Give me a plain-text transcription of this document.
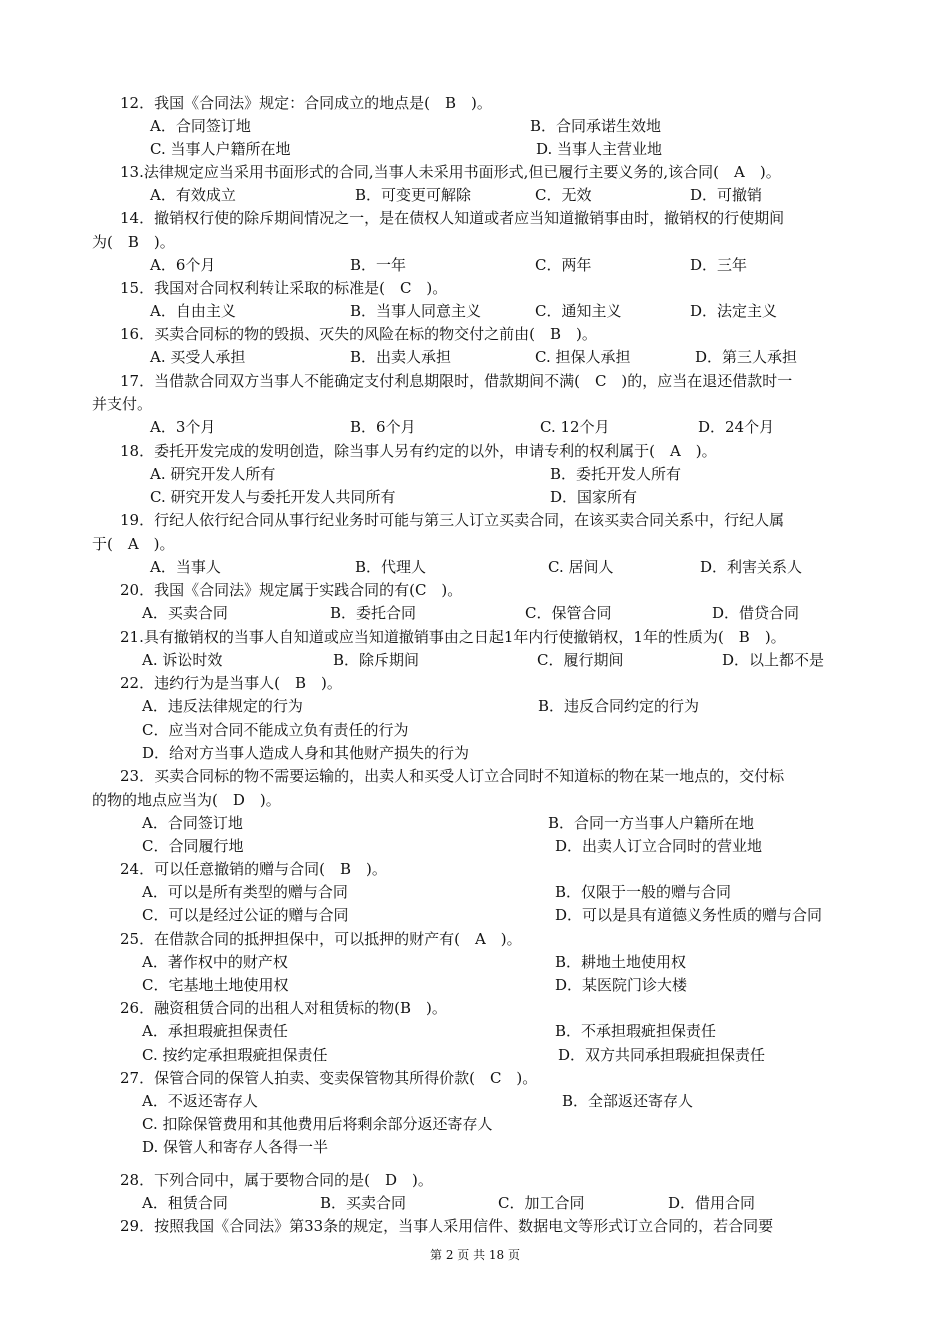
12．我国《合同法》规定：合同成立的地点是(　B　)。
A．合同签订地	B．合同承诺生效地
C. 当事人户籍所在地	D. 当事人主营业地
13.法律规定应当采用书面形式的合同,当事人未采用书面形式,但已履行主要义务的,该合同(　A　)。
A．有效成立	B．可变更可解除	C．无效	D．可撤销
14．撤销权行使的除斥期间情况之一，是在债权人知道或者应当知道撤销事由时，撤销权的行使期间
为(　B　)。
A．6个月	B．一年	C．两年	D．三年
15．我国对合同权利转让采取的标准是(　C　)。
A．自由主义	B．当事人同意主义	C．通知主义	D．法定主义
16．买卖合同标的物的毁损、灭失的风险在标的物交付之前由(　B　)。
A. 买受人承担	B．出卖人承担	C. 担保人承担	D．第三人承担
17．当借款合同双方当事人不能确定支付利息期限时，借款期间不满(　C　)的，应当在退还借款时一
并支付。
A．3个月	B．6个月	C. 12个月	D．24个月
18．委托开发完成的发明创造，除当事人另有约定的以外，申请专利的权利属于(　A　)。
A. 研究开发人所有	B．委托开发人所有
C. 研究开发人与委托开发人共同所有	D．国家所有
19．行纪人依行纪合同从事行纪业务时可能与第三人订立买卖合同，在该买卖合同关系中，行纪人属
于(　A　)。
A．当事人	B．代理人	C. 居间人	D．利害关系人
20．我国《合同法》规定属于实践合同的有(C　)。
A．买卖合同	B．委托合同	C．保管合同	D．借贷合同
21.具有撤销权的当事人自知道或应当知道撤销事由之日起1年内行使撤销权，1年的性质为(　B　)。
A. 诉讼时效	B．除斥期间	C．履行期间	D．以上都不是
22．违约行为是当事人(　B　)。
A．违反法律规定的行为	B．违反合同约定的行为
C．应当对合同不能成立负有责任的行为
D．给对方当事人造成人身和其他财产损失的行为
23．买卖合同标的物不需要运输的，出卖人和买受人订立合同时不知道标的物在某一地点的，交付标
的物的地点应当为(　D　)。
A．合同签订地	B．合同一方当事人户籍所在地
C．合同履行地	D．出卖人订立合同时的营业地
24．可以任意撤销的赠与合同(　B　)。
A．可以是所有类型的赠与合同	B．仅限于一般的赠与合同
C．可以是经过公证的赠与合同	D．可以是具有道德义务性质的赠与合同
25．在借款合同的抵押担保中，可以抵押的财产有(　A　)。
A．著作权中的财产权	B．耕地土地使用权
C．宅基地土地使用权	D．某医院门诊大楼
26．融资租赁合同的出租人对租赁标的物(B　)。
A．承担瑕疵担保责任	B．不承担瑕疵担保责任
C. 按约定承担瑕疵担保责任	D．双方共同承担瑕疵担保责任
27．保管合同的保管人拍卖、变卖保管物其所得价款(　C　)。
A．不返还寄存人	B．全部返还寄存人
C. 扣除保管费用和其他费用后将剩余部分返还寄存人
D. 保管人和寄存人各得一半
28．下列合同中，属于要物合同的是(　D　)。
A．租赁合同	B．买卖合同	C．加工合同	D．借用合同
29．按照我国《合同法》第33条的规定，当事人采用信件、数据电文等形式订立合同的，若合同要
第 2 页 共 18 页
